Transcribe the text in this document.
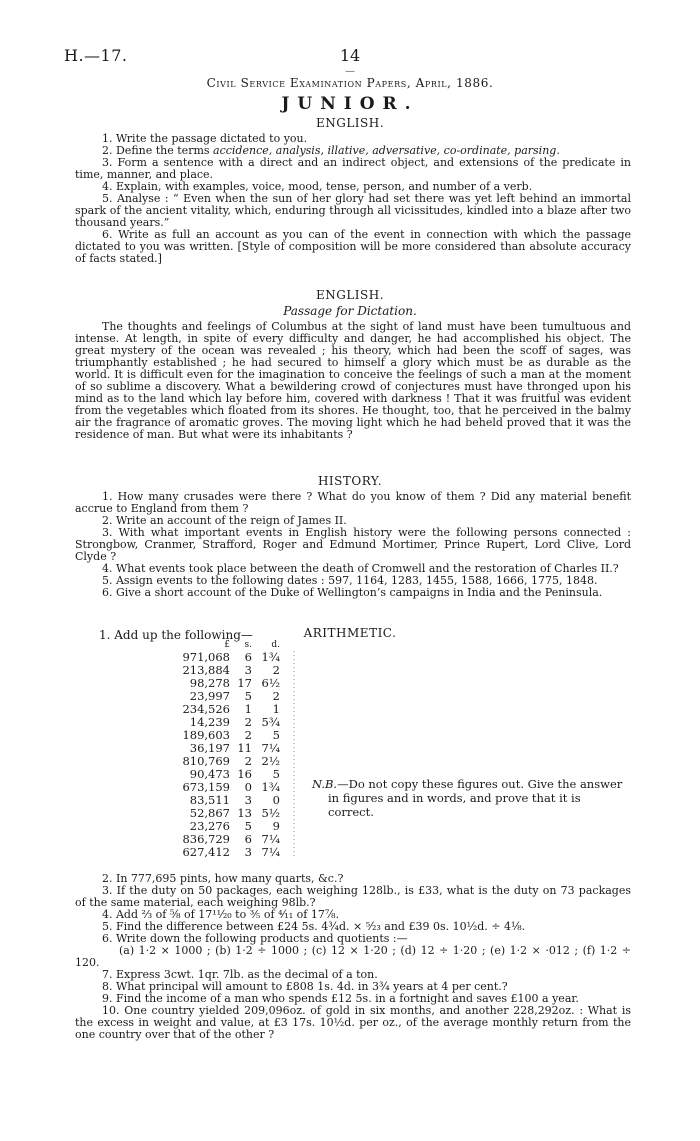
H.—17.	14
—
Civil Service Examination Papers, April, 1886.
JUNIOR.
ENGLISH.

1. Write the passage dictated to you.

2. Define the terms accidence, analysis, illative, adversative, co-ordinate, parsing.

3. Form a sentence with a direct and an indirect object, and extensions of the predicate in time, manner, and place.

4. Explain, with examples, voice, mood, tense, person, and number of a verb.

5. Analyse : “ Even when the sun of her glory had set there was yet left behind an immortal spark of the ancient vitality, which, enduring through all vicissitudes, kindled into a blaze after two thousand years.”

6. Write as full an account as you can of the event in connection with which the passage dictated to you was written. [Style of composition will be more considered than absolute accuracy of facts stated.]

ENGLISH.
Passage for Dictation.

The thoughts and feelings of Columbus at the sight of land must have been tumultuous and intense. At length, in spite of every difficulty and danger, he had accomplished his object. The great mystery of the ocean was revealed ; his theory, which had been the scoff of sages, was triumphantly established ; he had secured to himself a glory which must be as durable as the world. It is difficult even for the imagination to conceive the feelings of such a man at the moment of so sublime a discovery. What a bewildering crowd of conjectures must have thronged upon his mind as to the land which lay before him, covered with darkness ! That it was fruitful was evident from the vegetables which floated from its shores. He thought, too, that he perceived in the balmy air the fragrance of aromatic groves. The moving light which he had beheld proved that it was the residence of man. But what were its inhabitants ?

HISTORY.

1. How many crusades were there ? What do you know of them ? Did any material benefit accrue to England from them ?

2. Write an account of the reign of James II.

3. With what important events in English history were the following persons connected : Strongbow, Cranmer, Strafford, Roger and Edmund Mortimer, Prince Rupert, Lord Clive, Lord Clyde ?

4. What events took place between the death of Cromwell and the restoration of Charles II.?

5. Assign events to the following dates : 597, 1164, 1283, 1455, 1588, 1666, 1775, 1848.

6. Give a short account of the Duke of Wellington’s campaigns in India and the Peninsula.

ARITHMETIC.
1. Add up the following—
£	s.	d.
971,068	6 1¾
213,884	3	2
98,278 17 6½
23,997	5	2
234,526	1	1
14,239	2 5¾
189,603	2	5
36,197 11 7¼
810,769	2 2½
90,473 16	5
673,159	0 1¾
83,511	3	0
52,867 13 5½
23,276	5	9
836,729	6 7¼
627,412	3 7¼
N.B.—Do not copy these figures out. Give the answer
in figures and in words, and prove that it is correct.

2. In 777,695 pints, how many quarts, &c.?

3. If the duty on 50 packages, each weighing 128lb., is £33, what is the duty on 73 packages of the same material, each weighing 98lb.?

4. Add ⅔ of ⅝ of 17¹¹⁄₂₀ to ⅗ of ⁴⁄₁₁ of 17⅞.

5. Find the difference between £24 5s. 4¾d. × ⁵⁄₂₃ and £39 0s. 10½d. ÷ 4⅛.

6. Write down the following products and quotients :—

(a) 1·2 × 1000 ; (b) 1·2 ÷ 1000 ; (c) 12 × 1·20 ; (d) 12 ÷ 1·20 ; (e) 1·2 × ·012 ; (f) 1·2 ÷ 120.

7. Express 3cwt. 1qr. 7lb. as the decimal of a ton.

8. What principal will amount to £808 1s. 4d. in 3¾ years at 4 per cent.?

9. Find the income of a man who spends £12 5s. in a fortnight and saves £100 a year.

10. One country yielded 209,096oz. of gold in six months, and another 228,292oz. : What is the excess in weight and value, at £3 17s. 10½d. per oz., of the average monthly return from the one country over that of the other ?
